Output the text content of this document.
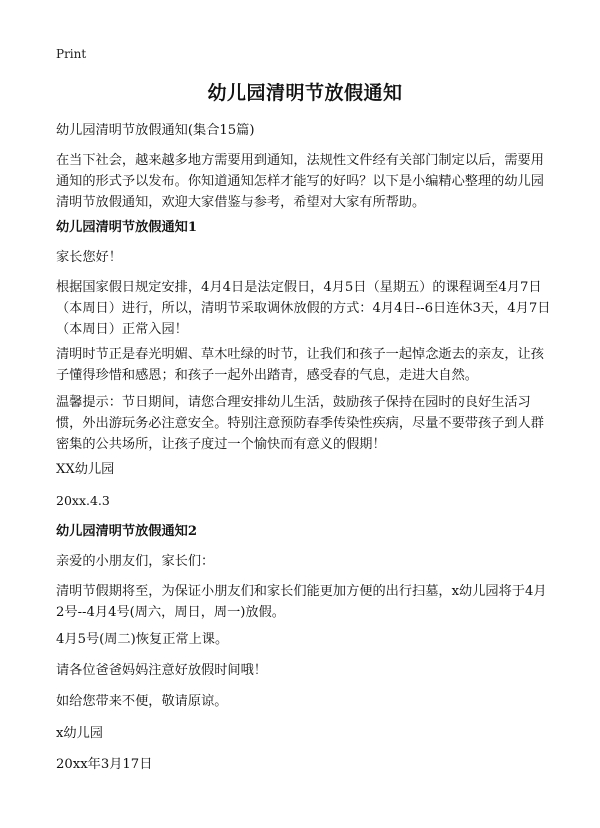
Print
幼儿园清明节放假通知
幼儿园清明节放假通知(集合15篇)
在当下社会，越来越多地方需要用到通知，法规性文件经有关部门制定以后，需要用通知的形式予以发布。你知道通知怎样才能写的好吗？以下是小编精心整理的幼儿园清明节放假通知，欢迎大家借鉴与参考，希望对大家有所帮助。
幼儿园清明节放假通知1
家长您好！
根据国家假日规定安排，4月4日是法定假日，4月5日（星期五）的课程调至4月7日（本周日）进行，所以，清明节采取调休放假的方式：4月4日--6日连休3天，4月7日（本周日）正常入园！
清明时节正是春光明媚、草木吐绿的时节，让我们和孩子一起悼念逝去的亲友，让孩子懂得珍惜和感恩；和孩子一起外出踏青，感受春的气息，走进大自然。
温馨提示：节日期间，请您合理安排幼儿生活，鼓励孩子保持在园时的良好生活习惯，外出游玩务必注意安全。特别注意预防春季传染性疾病，尽量不要带孩子到人群密集的公共场所，让孩子度过一个愉快而有意义的假期！
XX幼儿园
20xx.4.3
幼儿园清明节放假通知2
亲爱的小朋友们，家长们：
清明节假期将至，为保证小朋友们和家长们能更加方便的出行扫墓，x幼儿园将于4月2号--4月4号(周六，周日，周一)放假。
4月5号(周二)恢复正常上课。
请各位爸爸妈妈注意好放假时间哦！
如给您带来不便，敬请原谅。
x幼儿园
20xx年3月17日
